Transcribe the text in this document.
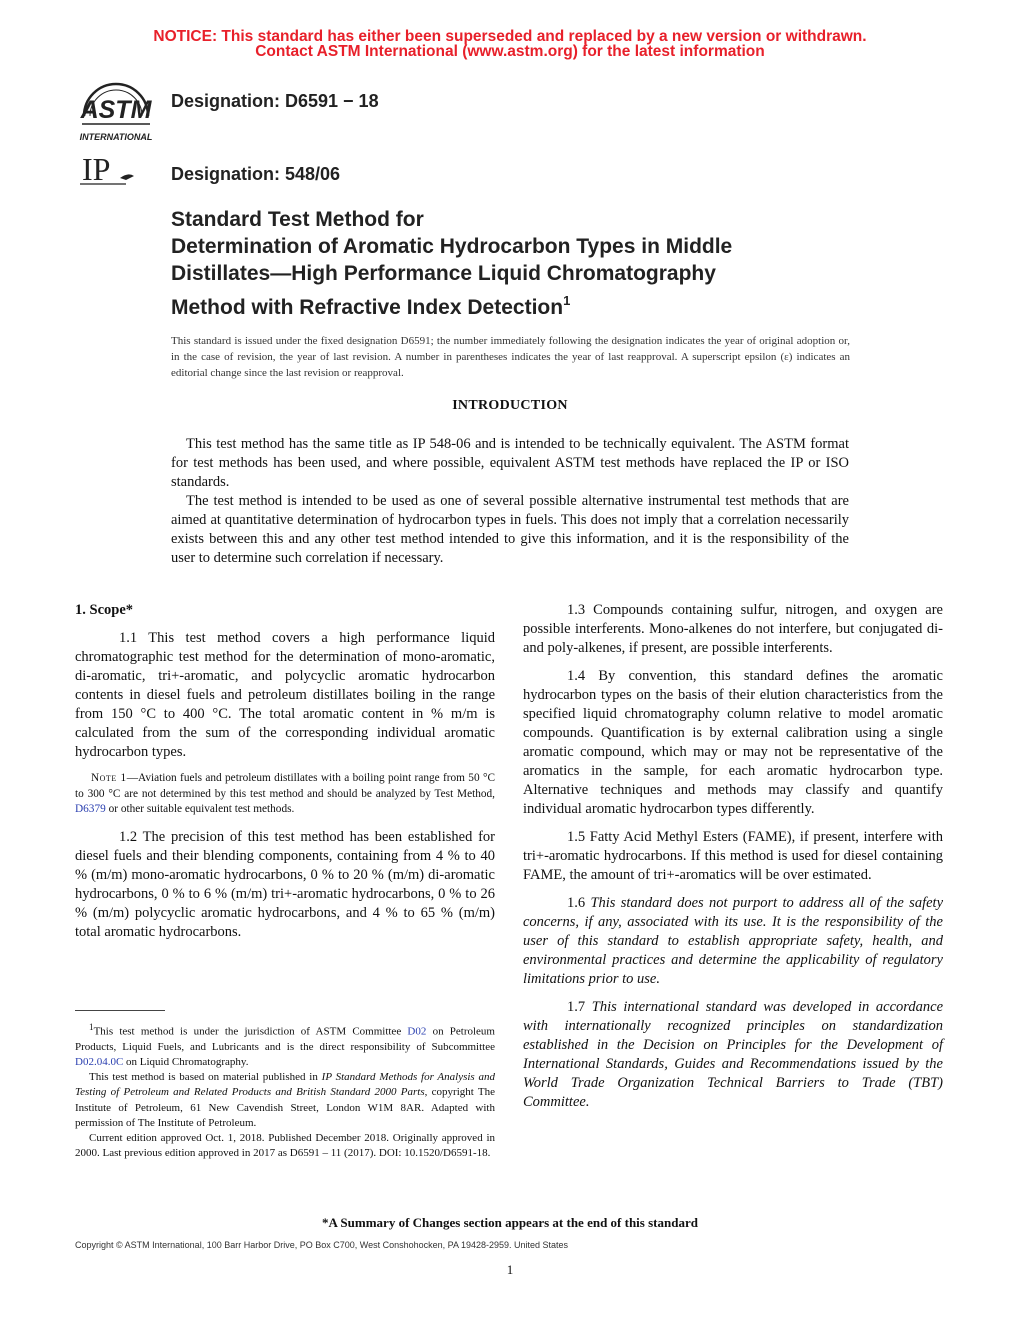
NOTICE: This standard has either been superseded and replaced by a new version or withdrawn.
Contact ASTM International (www.astm.org) for the latest information
ASTM
INTERNATIONAL
Designation: D6591 − 18
IP	Designation: 548/06
Standard Test Method for
Determination of Aromatic Hydrocarbon Types in Middle
Distillates—High Performance Liquid Chromatography
Method with Refractive Index Detection$^1$
This standard is issued under the fixed designation D6591; the number immediately following the designation indicates the year of original adoption or, in the case of revision, the year of last revision. A number in parentheses indicates the year of last reapproval. A superscript epsilon (ε) indicates an editorial change since the last revision or reapproval.
INTRODUCTION

This test method has the same title as IP 548-06 and is intended to be technically equivalent. The ASTM format for test methods has been used, and where possible, equivalent ASTM test methods have replaced the IP or ISO standards.

The test method is intended to be used as one of several possible alternative instrumental test methods that are aimed at quantitative determination of hydrocarbon types in fuels. This does not imply that a correlation necessarily exists between this and any other test method intended to give this information, and it is the responsibility of the user to determine such correlation if necessary.

1. Scope*

1.1 This test method covers a high performance liquid chromatographic test method for the determination of mono-aromatic, di-aromatic, tri+-aromatic, and polycyclic aromatic hydrocarbon contents in diesel fuels and petroleum distillates boiling in the range from 150 °C to 400 °C. The total aromatic content in % m/m is calculated from the sum of the corresponding individual aromatic hydrocarbon types.

Note 1—Aviation fuels and petroleum distillates with a boiling point range from 50 °C to 300 °C are not determined by this test method and should be analyzed by Test Method, D6379 or other suitable equivalent test methods.

1.2 The precision of this test method has been established for diesel fuels and their blending components, containing from 4 % to 40 % (m/m) mono-aromatic hydrocarbons, 0 % to 20 % (m/m) di-aromatic hydrocarbons, 0 % to 6 % (m/m) tri+-aromatic hydrocarbons, 0 % to 26 % (m/m) polycyclic aromatic hydrocarbons, and 4 % to 65 % (m/m) total aromatic hydrocarbons.

1.3 Compounds containing sulfur, nitrogen, and oxygen are possible interferents. Mono-alkenes do not interfere, but conjugated di- and poly-alkenes, if present, are possible interferents.

1.4 By convention, this standard defines the aromatic hydrocarbon types on the basis of their elution characteristics from the specified liquid chromatography column relative to model aromatic compounds. Quantification is by external calibration using a single aromatic compound, which may or may not be representative of the aromatics in the sample, for each aromatic hydrocarbon type. Alternative techniques and methods may classify and quantify individual aromatic hydrocarbon types differently.

1.5 Fatty Acid Methyl Esters (FAME), if present, interfere with tri+-aromatic hydrocarbons. If this method is used for diesel containing FAME, the amount of tri+-aromatics will be over estimated.

1.6 This standard does not purport to address all of the safety concerns, if any, associated with its use. It is the responsibility of the user of this standard to establish appropriate safety, health, and environmental practices and determine the applicability of regulatory limitations prior to use.

1.7 This international standard was developed in accordance with internationally recognized principles on standardization established in the Decision on Principles for the Development of International Standards, Guides and Recommendations issued by the World Trade Organization Technical Barriers to Trade (TBT) Committee.

$^1$This test method is under the jurisdiction of ASTM Committee D02 on Petroleum Products, Liquid Fuels, and Lubricants and is the direct responsibility of Subcommittee D02.04.0C on Liquid Chromatography.

This test method is based on material published in IP Standard Methods for Analysis and Testing of Petroleum and Related Products and British Standard 2000 Parts, copyright The Institute of Petroleum, 61 New Cavendish Street, London W1M 8AR. Adapted with permission of The Institute of Petroleum.

Current edition approved Oct. 1, 2018. Published December 2018. Originally approved in 2000. Last previous edition approved in 2017 as D6591 – 11 (2017). DOI: 10.1520/D6591-18.

*A Summary of Changes section appears at the end of this standard
Copyright © ASTM International, 100 Barr Harbor Drive, PO Box C700, West Conshohocken, PA 19428-2959. United States
1
